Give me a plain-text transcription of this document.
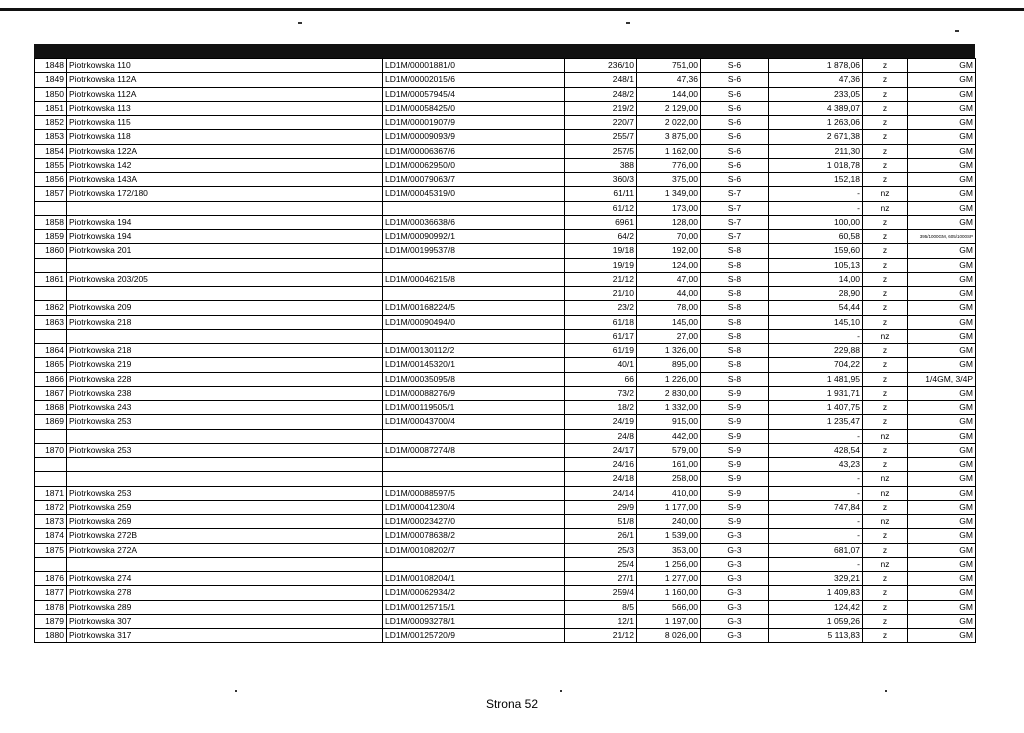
1848	Piotrkowska 110	LD1M/00001881/0	236/10	751,00	S-6	1 878,06	z	GM
1849	Piotrkowska 112A	LD1M/00002015/6	248/1	47,36	S-6	47,36	z	GM
1850	Piotrkowska 112A	LD1M/00057945/4	248/2	144,00	S-6	233,05	z	GM
1851	Piotrkowska 113	LD1M/00058425/0	219/2	2 129,00	S-6	4 389,07	z	GM
1852	Piotrkowska 115	LD1M/00001907/9	220/7	2 022,00	S-6	1 263,06	z	GM
1853	Piotrkowska 118	LD1M/00009093/9	255/7	3 875,00	S-6	2 671,38	z	GM
1854	Piotrkowska 122A	LD1M/00006367/6	257/5	1 162,00	S-6	211,30	z	GM
1855	Piotrkowska 142	LD1M/00062950/0	388	776,00	S-6	1 018,78	z	GM
1856	Piotrkowska 143A	LD1M/00079063/7	360/3	375,00	S-6	152,18	z	GM
1857	Piotrkowska 172/180	LD1M/00045319/0	61/11	1 349,00	S-7	-	nz	GM
			61/12	173,00	S-7	-	nz	GM
1858	Piotrkowska 194	LD1M/00036638/6	6961	128,00	S-7	100,00	z	GM
1859	Piotrkowska 194	LD1M/00090992/1	64/2	70,00	S-7	60,58	z	395/1000GM, 605/1000SP
1860	Piotrkowska 201	LD1M/00199537/8	19/18	192,00	S-8	159,60	z	GM
			19/19	124,00	S-8	105,13	z	GM
1861	Piotrkowska 203/205	LD1M/00046215/8	21/12	47,00	S-8	14,00	z	GM
			21/10	44,00	S-8	28,90	z	GM
1862	Piotrkowska 209	LD1M/00168224/5	23/2	78,00	S-8	54,44	z	GM
1863	Piotrkowska 218	LD1M/00090494/0	61/18	145,00	S-8	145,10	z	GM
			61/17	27,00	S-8	-	nz	GM
1864	Piotrkowska 218	LD1M/00130112/2	61/19	1 326,00	S-8	229,88	z	GM
1865	Piotrkowska 219	LD1M/00145320/1	40/1	895,00	S-8	704,22	z	GM
1866	Piotrkowska 228	LD1M/00035095/8	66	1 226,00	S-8	1 481,95	z	1/4GM, 3/4P
1867	Piotrkowska 238	LD1M/00088276/9	73/2	2 830,00	S-9	1 931,71	z	GM
1868	Piotrkowska 243	LD1M/00119505/1	18/2	1 332,00	S-9	1 407,75	z	GM
1869	Piotrkowska 253	LD1M/00043700/4	24/19	915,00	S-9	1 235,47	z	GM
			24/8	442,00	S-9	-	nz	GM
1870	Piotrkowska 253	LD1M/00087274/8	24/17	579,00	S-9	428,54	z	GM
			24/16	161,00	S-9	43,23	z	GM
			24/18	258,00	S-9	-	nz	GM
1871	Piotrkowska 253	LD1M/00088597/5	24/14	410,00	S-9	-	nz	GM
1872	Piotrkowska 259	LD1M/00041230/4	29/9	1 177,00	S-9	747,84	z	GM
1873	Piotrkowska 269	LD1M/00023427/0	51/8	240,00	S-9	-	nz	GM
1874	Piotrkowska 272B	LD1M/00078638/2	26/1	1 539,00	G-3	-	z	GM
1875	Piotrkowska 272A	LD1M/00108202/7	25/3	353,00	G-3	681,07	z	GM
			25/4	1 256,00	G-3	-	nz	GM
1876	Piotrkowska 274	LD1M/00108204/1	27/1	1 277,00	G-3	329,21	z	GM
1877	Piotrkowska 278	LD1M/00062934/2	259/4	1 160,00	G-3	1 409,83	z	GM
1878	Piotrkowska 289	LD1M/00125715/1	8/5	566,00	G-3	124,42	z	GM
1879	Piotrkowska 307	LD1M/00093278/1	12/1	1 197,00	G-3	1 059,26	z	GM
1880	Piotrkowska 317	LD1M/00125720/9	21/12	8 026,00	G-3	5 113,83	z	GM
Strona 52
